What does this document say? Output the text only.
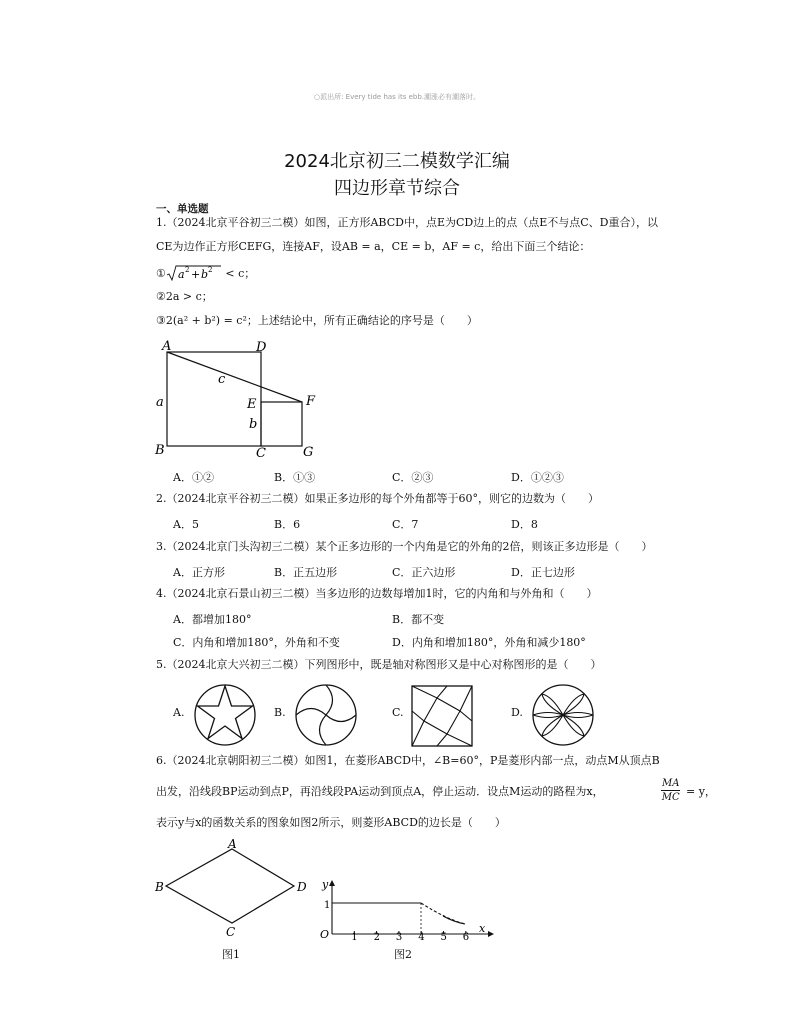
○派出所: Every tide has its ebb.潮涨必有潮落时。
2024北京初三二模数学汇编
四边形章节综合
一、单选题
1.（2024北京平谷初三二模）如图，正方形ABCD中，点E为CD边上的点（点E不与点C、D重合），以
CE为边作正方形CEFG，连接AF，设AB = a，CE = b，AF = c，给出下面三个结论：
① a 2 + b 2 < c；
②2a > c；
③2(a² + b²) = c²；上述结论中，所有正确结论的序号是（　　）
A	D
B	C
E	F
G
a
b
c
A．①②	B．①③	C．②③	D．①②③
2.（2024北京平谷初三二模）如果正多边形的每个外角都等于60°，则它的边数为（　　）
A．5	B．6	C．7	D．8
3.（2024北京门头沟初三二模）某个正多边形的一个内角是它的外角的2倍，则该正多边形是（　　）
A．正方形	B．正五边形	C．正六边形	D．正七边形
4.（2024北京石景山初三二模）当多边形的边数每增加1时，它的内角和与外角和（　　）
A．都增加180°	B．都不变
C．内角和增加180°，外角和不变	D．内角和增加180°，外角和减少180°
5.（2024北京大兴初三二模）下列图形中，既是轴对称图形又是中心对称图形的是（　　）
A.	B.	C.	D.
6.（2024北京朝阳初三二模）如图1，在菱形ABCD中，∠B=60°，P是菱形内部一点，动点M从顶点B
出发，沿线段BP运动到点P，再沿线段PA运动到顶点A，停止运动．设点M运动的路程为x，
MA
MC = y，
表示y与x的函数关系的图象如图2所示，则菱形ABCD的边长是（　　）
A
B
C
D y
x
O
1
1 2 3 4 5 6
图1	图2
